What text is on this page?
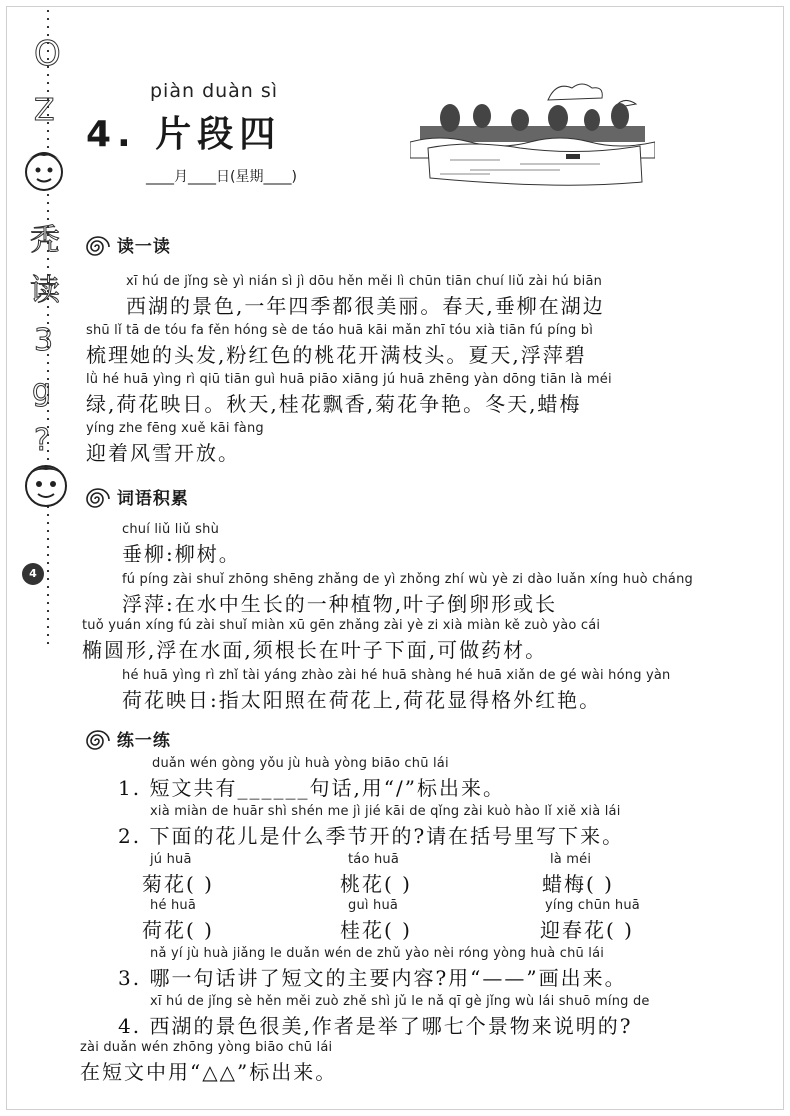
O
Z
秃
读
3
g
?
4
piàn duàn sì
4. 片段四
____月____日(星期____)
读一读
xī hú de jǐng sè yì nián sì jì dōu hěn měi lì chūn tiān chuí liǔ zài hú biān
西湖的景色,一年四季都很美丽。春天,垂柳在湖边
shū lǐ tā de tóu fa fěn hóng sè de táo huā kāi mǎn zhī tóu xià tiān fú píng bì
梳理她的头发,粉红色的桃花开满枝头。夏天,浮萍碧
lǜ hé huā yìng rì qiū tiān guì huā piāo xiāng jú huā zhēng yàn dōng tiān là méi
绿,荷花映日。秋天,桂花飘香,菊花争艳。冬天,蜡梅
yíng zhe fēng xuě kāi fàng
迎着风雪开放。
词语积累
chuí liǔ liǔ shù
垂柳:柳树。
fú píng zài shuǐ zhōng shēng zhǎng de yì zhǒng zhí wù yè zi dào luǎn xíng huò cháng
浮萍:在水中生长的一种植物,叶子倒卵形或长
tuǒ yuán xíng fú zài shuǐ miàn xū gēn zhǎng zài yè zi xià miàn kě zuò yào cái
椭圆形,浮在水面,须根长在叶子下面,可做药材。
hé huā yìng rì zhǐ tài yáng zhào zài hé huā shàng hé huā xiǎn de gé wài hóng yàn
荷花映日:指太阳照在荷花上,荷花显得格外红艳。
练一练
duǎn wén gòng yǒu jù huà yòng biāo chū lái
1. 短文共有______句话,用“/”标出来。
xià miàn de huār shì shén me jì jié kāi de qǐng zài kuò hào lǐ xiě xià lái
2. 下面的花儿是什么季节开的?请在括号里写下来。
jú huā
菊花( )
táo huā
桃花( )
là méi
蜡梅( )
hé huā
荷花( )
guì huā
桂花( )
yíng chūn huā
迎春花( )
nǎ yí jù huà jiǎng le duǎn wén de zhǔ yào nèi róng yòng huà chū lái
3. 哪一句话讲了短文的主要内容?用“——”画出来。
xī hú de jǐng sè hěn měi zuò zhě shì jǔ le nǎ qī gè jǐng wù lái shuō míng de
4. 西湖的景色很美,作者是举了哪七个景物来说明的?
zài duǎn wén zhōng yòng biāo chū lái
在短文中用“△△”标出来。
